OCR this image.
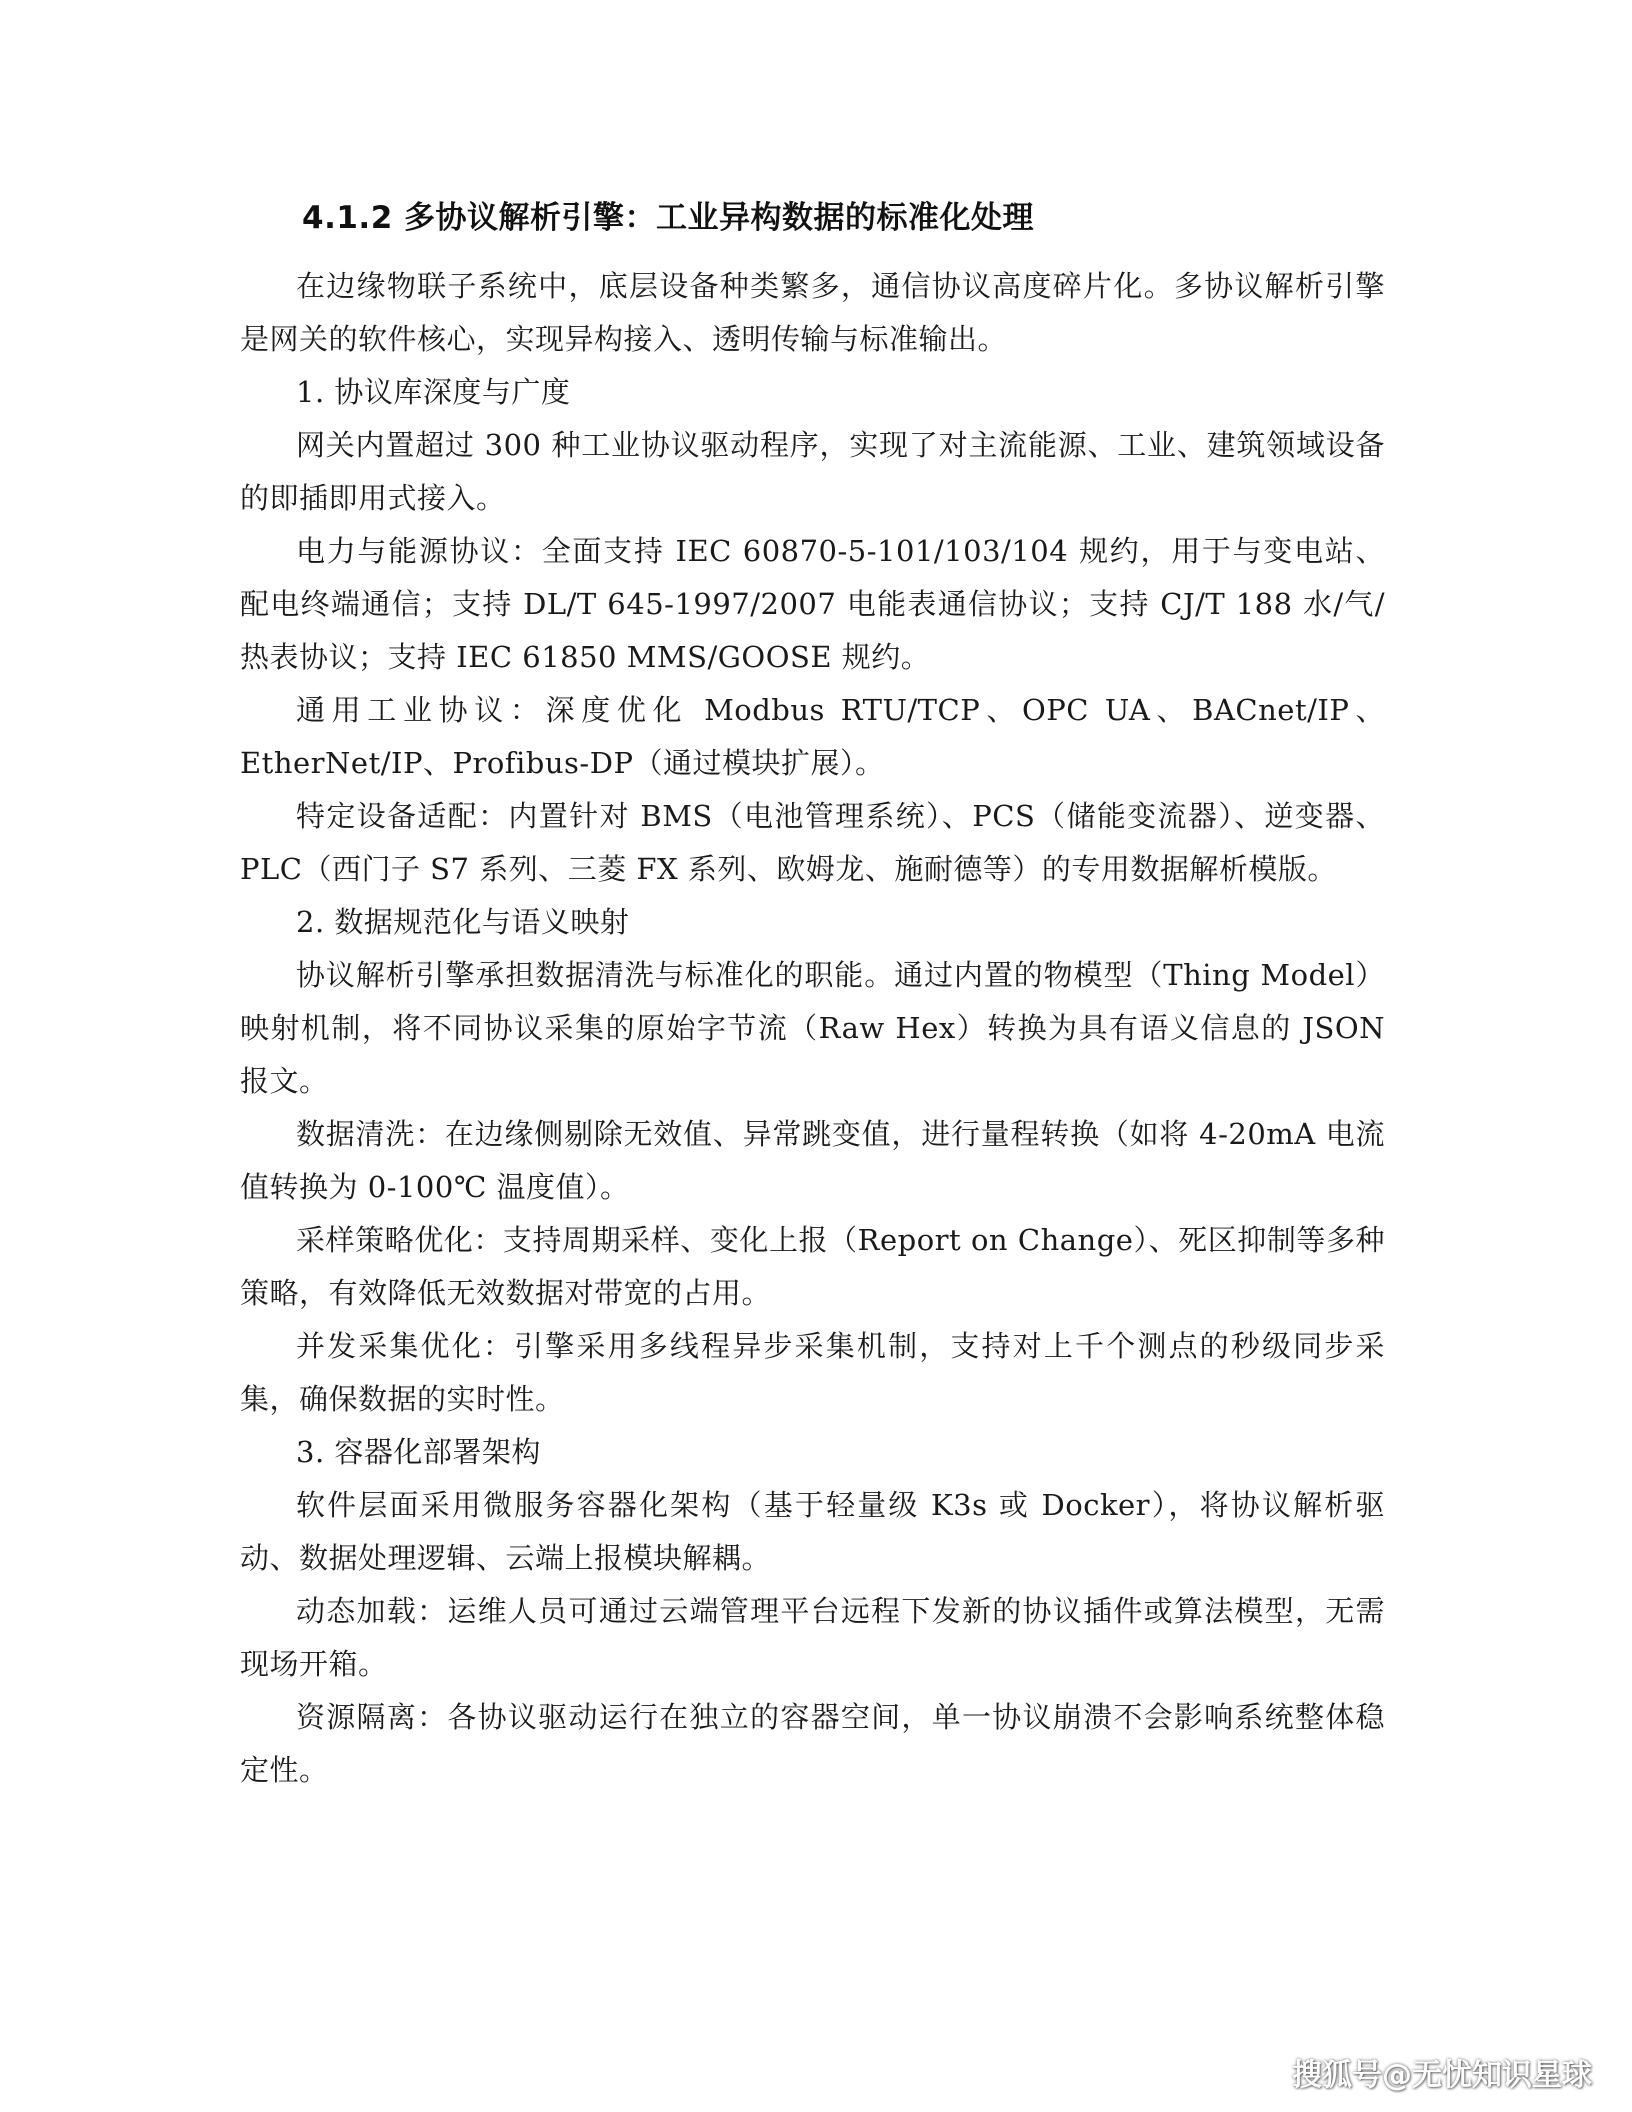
4.1.2 多协议解析引擎：工业异构数据的标准化处理

在边缘物联子系统中，底层设备种类繁多，通信协议高度碎片化。多协议解析引擎是网关的软件核心，实现异构接入、透明传输与标准输出。

1. 协议库深度与广度

网关内置超过 300 种工业协议驱动程序，实现了对主流能源、工业、建筑领域设备的即插即用式接入。

电力与能源协议：全面支持 IEC 60870-5-101/103/104 规约，用于与变电站、配电终端通信；支持 DL/T 645-1997/2007 电能表通信协议；支持 CJ/T 188 水/气/热表协议；支持 IEC 61850 MMS/GOOSE 规约。

通用工业协议：深度优化 Modbus RTU/TCP、OPC UA、BACnet/IP、EtherNet/IP、Profibus-DP（通过模块扩展）。

特定设备适配：内置针对 BMS（电池管理系统）、PCS（储能变流器）、逆变器、PLC（西门子 S7 系列、三菱 FX 系列、欧姆龙、施耐德等）的专用数据解析模版。

2. 数据规范化与语义映射

协议解析引擎承担数据清洗与标准化的职能。通过内置的物模型（Thing Model）映射机制，将不同协议采集的原始字节流（Raw Hex）转换为具有语义信息的 JSON 报文。

数据清洗：在边缘侧剔除无效值、异常跳变值，进行量程转换（如将 4-20mA 电流值转换为 0-100℃ 温度值）。

采样策略优化：支持周期采样、变化上报（Report on Change）、死区抑制等多种策略，有效降低无效数据对带宽的占用。

并发采集优化：引擎采用多线程异步采集机制，支持对上千个测点的秒级同步采集，确保数据的实时性。

3. 容器化部署架构

软件层面采用微服务容器化架构（基于轻量级 K3s 或 Docker），将协议解析驱动、数据处理逻辑、云端上报模块解耦。

动态加载：运维人员可通过云端管理平台远程下发新的协议插件或算法模型，无需现场开箱。

资源隔离：各协议驱动运行在独立的容器空间，单一协议崩溃不会影响系统整体稳定性。

搜狐号@无忧知识星球
